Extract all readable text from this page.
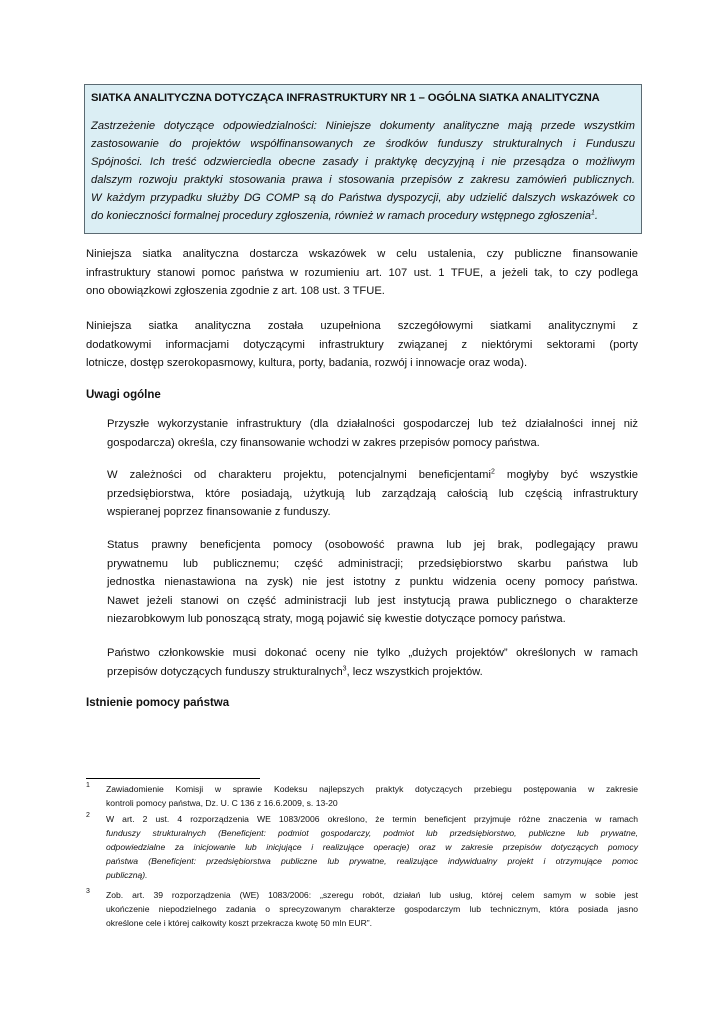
SIATKA ANALITYCZNA DOTYCZĄCA INFRASTRUKTURY NR 1 – OGÓLNA SIATKA ANALITYCZNA
Zastrzeżenie dotyczące odpowiedzialności: Niniejsze dokumenty analityczne mają przede wszystkim
zastosowanie do projektów współfinansowanych ze środków funduszy strukturalnych i Funduszu
Spójności. Ich treść odzwierciedla obecne zasady i praktykę decyzyjną i nie przesądza o możliwym
dalszym rozwoju praktyki stosowania prawa i stosowania przepisów z zakresu zamówień publicznych.
W każdym przypadku służby DG COMP są do Państwa dyspozycji, aby udzielić dalszych wskazówek co
do konieczności formalnej procedury zgłoszenia, również w ramach procedury wstępnego zgłoszenia$^1$.
Niniejsza siatka analityczna dostarcza wskazówek w celu ustalenia, czy publiczne finansowanie
infrastruktury stanowi pomoc państwa w rozumieniu art. 107 ust. 1 TFUE, a jeżeli tak, to czy podlega
ono obowiązkowi zgłoszenia zgodnie z art. 108 ust. 3 TFUE.
Niniejsza siatka analityczna została uzupełniona szczegółowymi siatkami analitycznymi z
dodatkowymi informacjami dotyczącymi infrastruktury związanej z niektórymi sektorami (porty
lotnicze, dostęp szerokopasmowy, kultura, porty, badania, rozwój i innowacje oraz woda).
Uwagi ogólne
Przyszłe wykorzystanie infrastruktury (dla działalności gospodarczej lub też działalności innej niż
gospodarcza) określa, czy finansowanie wchodzi w zakres przepisów pomocy państwa.
W zależności od charakteru projektu, potencjalnymi beneficjentami$^2$ mogłyby być wszystkie
przedsiębiorstwa, które posiadają, użytkują lub zarządzają całością lub częścią infrastruktury
wspieranej poprzez finansowanie z funduszy.
Status prawny beneficjenta pomocy (osobowość prawna lub jej brak, podlegający prawu
prywatnemu lub publicznemu; część administracji; przedsiębiorstwo skarbu państwa lub
jednostka nienastawiona na zysk) nie jest istotny z punktu widzenia oceny pomocy państwa.
Nawet jeżeli stanowi on część administracji lub jest instytucją prawa publicznego o charakterze
niezarobkowym lub ponoszącą straty, mogą pojawić się kwestie dotyczące pomocy państwa.
Państwo członkowskie musi dokonać oceny nie tylko „dużych projektów” określonych w ramach
przepisów dotyczących funduszy strukturalnych$^3$, lecz wszystkich projektów.
Istnienie pomocy państwa
1 Zawiadomienie Komisji w sprawie Kodeksu najlepszych praktyk dotyczących przebiegu postępowania w zakresie
kontroli pomocy państwa, Dz. U. C 136 z 16.6.2009, s. 13-20
2 W art. 2 ust. 4 rozporządzenia WE 1083/2006 określono, że termin beneficjent przyjmuje różne znaczenia w ramach
funduszy strukturalnych (Beneficjent: podmiot gospodarczy, podmiot lub przedsiębiorstwo, publiczne lub prywatne,
odpowiedzialne za inicjowanie lub inicjujące i realizujące operacje) oraz w zakresie przepisów dotyczących pomocy
państwa (Beneficjent: przedsiębiorstwa publiczne lub prywatne, realizujące indywidualny projekt i otrzymujące pomoc
publiczną).
3 Zob. art. 39 rozporządzenia (WE) 1083/2006: „szeregu robót, działań lub usług, której celem samym w sobie jest
ukończenie niepodzielnego zadania o sprecyzowanym charakterze gospodarczym lub technicznym, która posiada jasno
określone cele i której całkowity koszt przekracza kwotę 50 mln EUR”.
